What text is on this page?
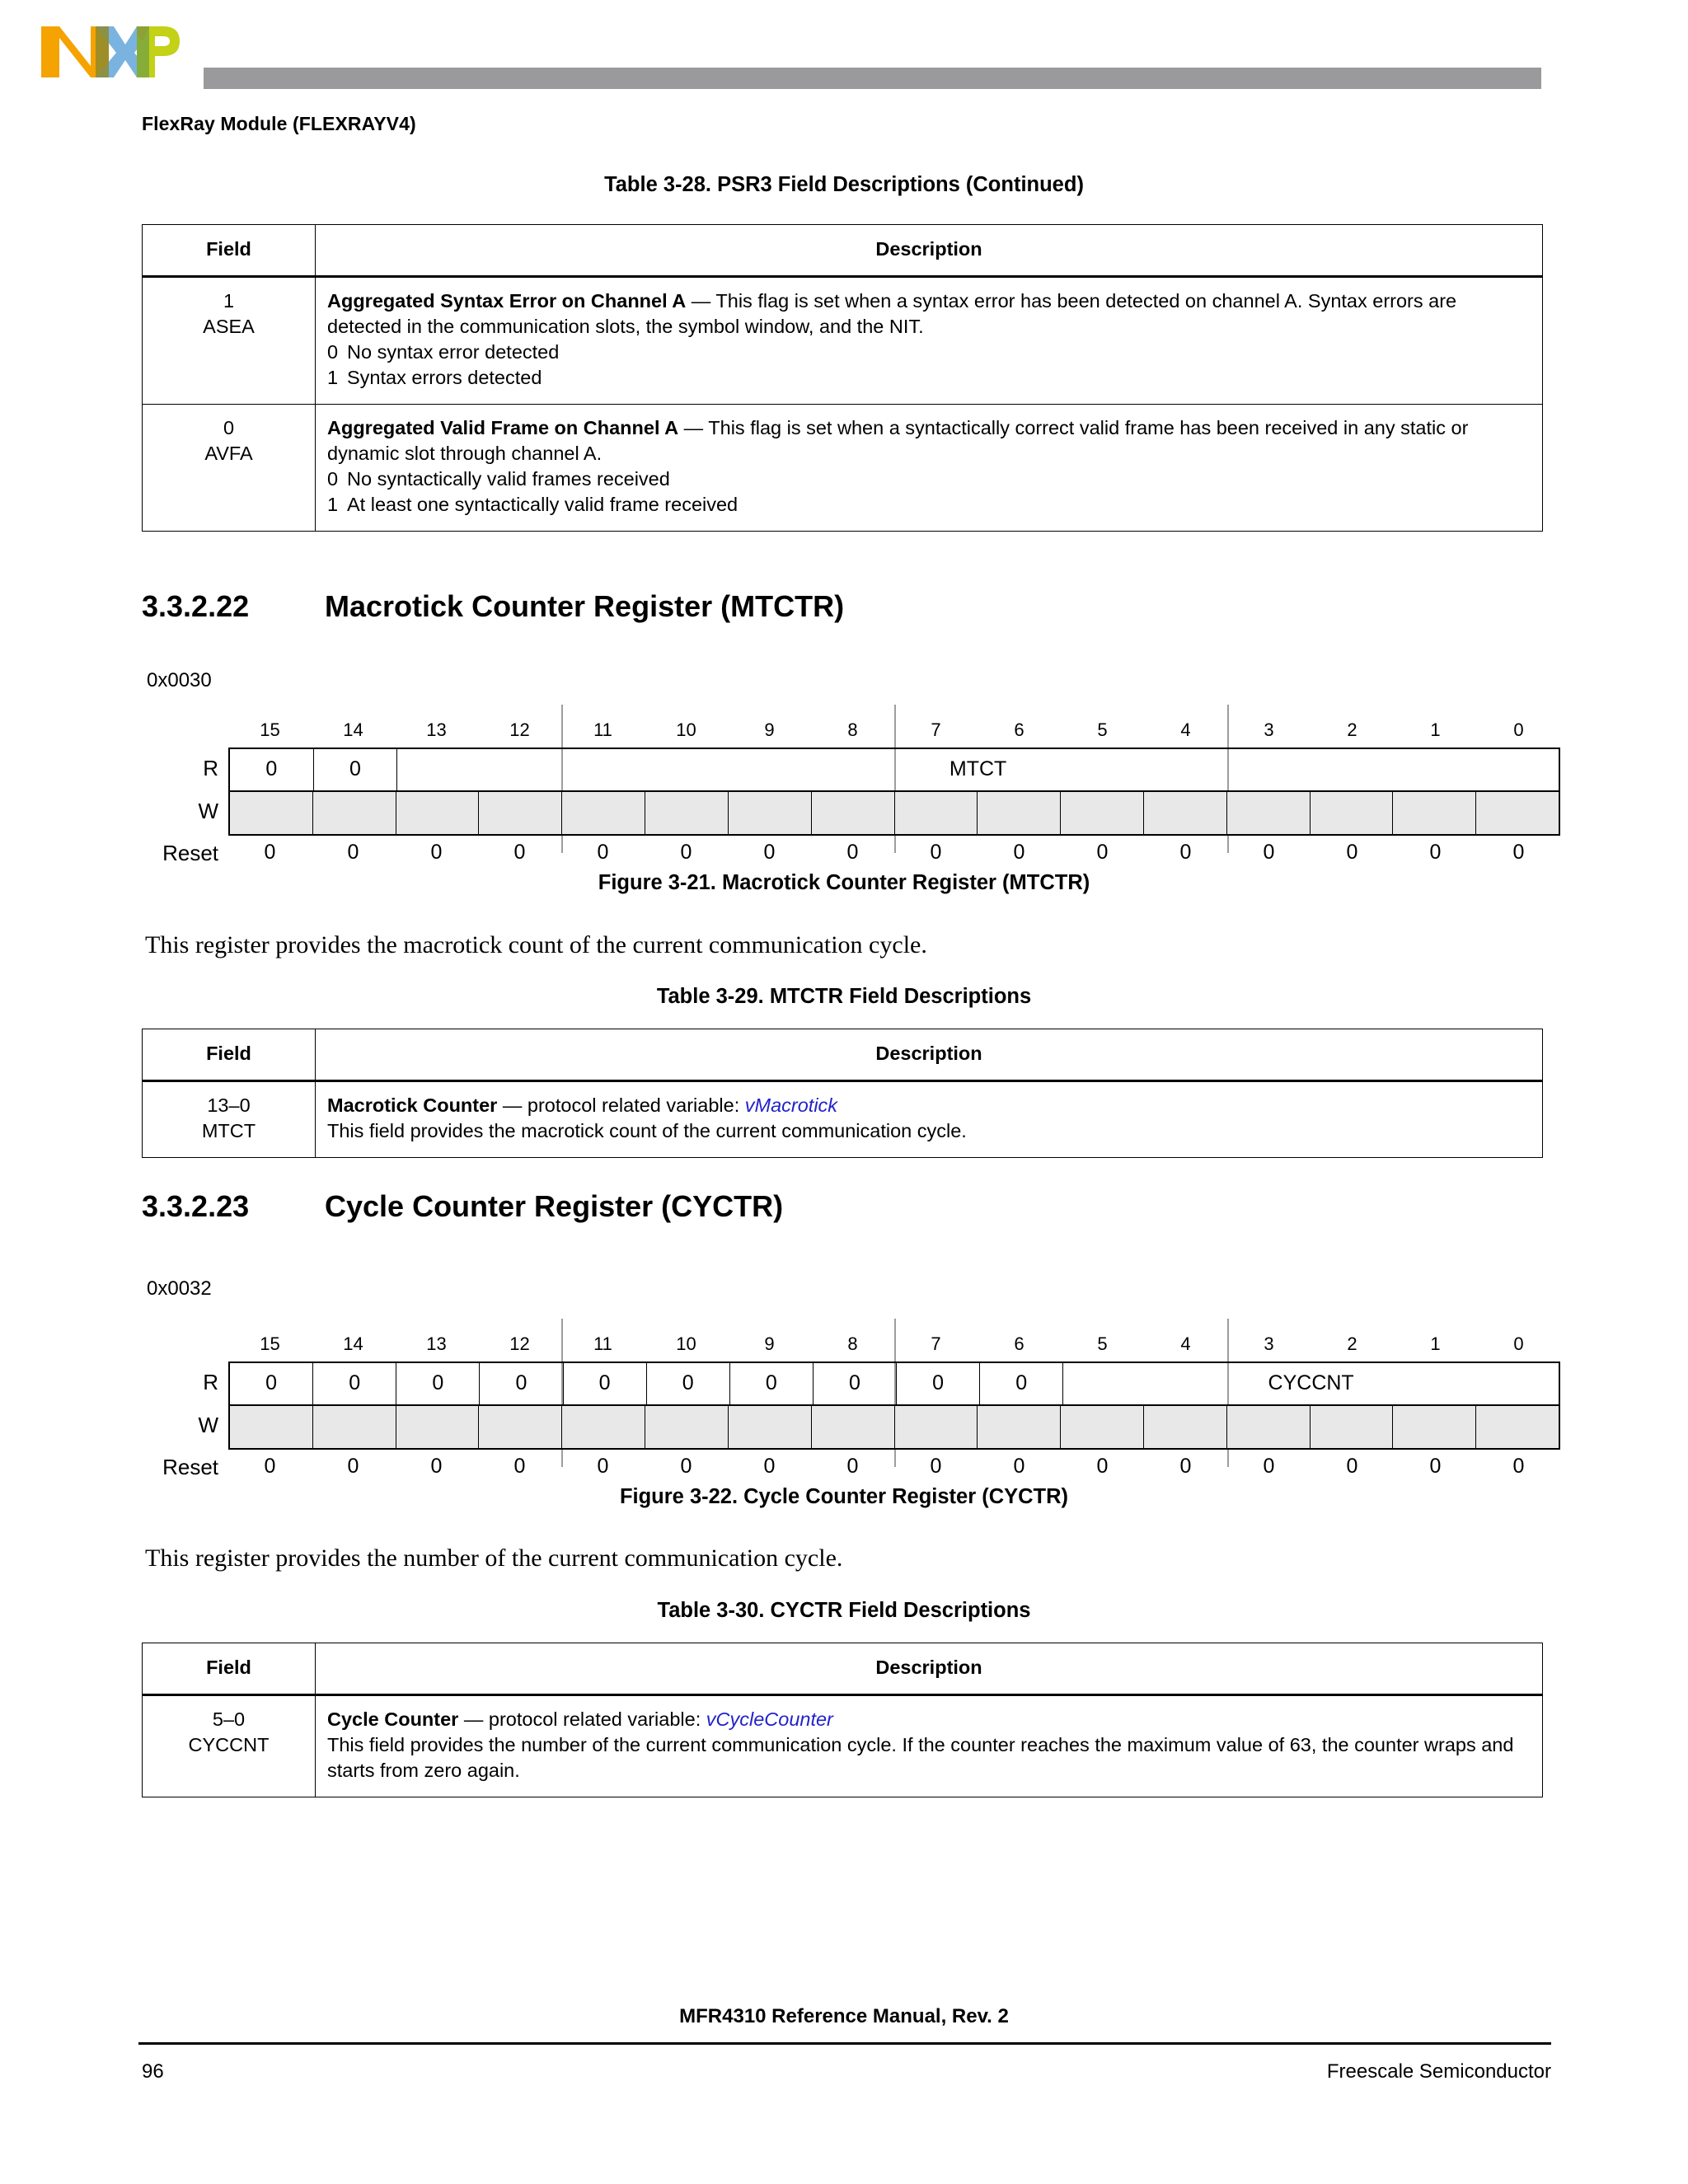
FlexRay Module (FLEXRAYV4)
Table 3-28. PSR3 Field Descriptions (Continued)
Field	Description
1
ASEA	Aggregated Syntax Error on Channel A — This flag is set when a syntax error has been detected on channel A. Syntax errors are detected in the communication slots, the symbol window, and the NIT.
0 No syntax error detected
1 Syntax errors detected

0
AVFA	Aggregated Valid Frame on Channel A — This flag is set when a syntactically correct valid frame has been received in any static or dynamic slot through channel A.
0 No syntactically valid frames received
1 At least one syntactically valid frame received
3.3.2.22	Macrotick Counter Register (MTCTR)
0x0030
15	14	13	12	11	10	9	8	7	6	5	4	3	2	1	0
R
W
0	0	MTCT
Reset	0	0	0	0	0	0	0	0	0	0	0	0	0	0	0	0
Figure 3-21. Macrotick Counter Register (MTCTR)
This register provides the macrotick count of the current communication cycle.
Table 3-29. MTCTR Field Descriptions
Field	Description
13–0
MTCT	Macrotick Counter — protocol related variable: vMacrotick
This field provides the macrotick count of the current communication cycle.
3.3.2.23	Cycle Counter Register (CYCTR)
0x0032
15	14	13	12	11	10	9	8	7	6	5	4	3	2	1	0
R
W
0	0	0	0	0	0	0	0	0	0	CYCCNT
Reset	0	0	0	0	0	0	0	0	0	0	0	0	0	0	0	0
Figure 3-22. Cycle Counter Register (CYCTR)
This register provides the number of the current communication cycle.
Table 3-30. CYCTR Field Descriptions
Field	Description
5–0
CYCCNT	Cycle Counter — protocol related variable: vCycleCounter
This field provides the number of the current communication cycle. If the counter reaches the maximum value of 63, the counter wraps and starts from zero again.
MFR4310 Reference Manual, Rev. 2
96	Freescale Semiconductor
